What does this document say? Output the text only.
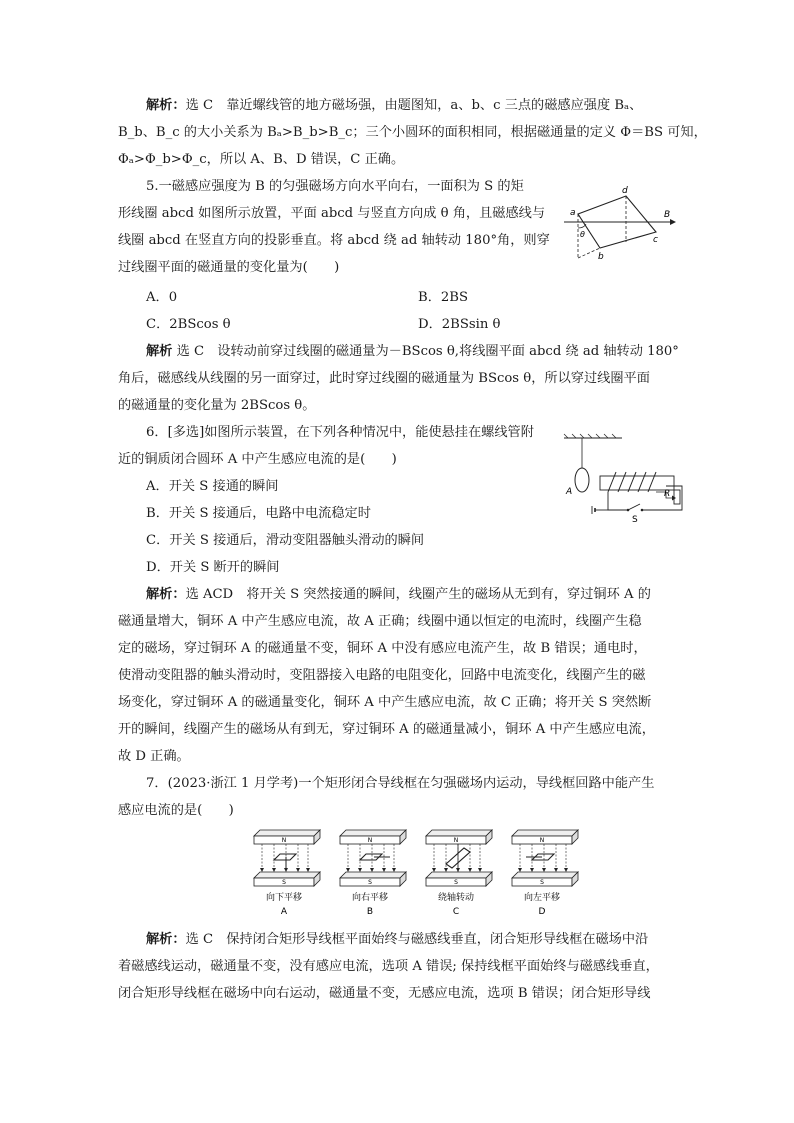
解析：选 C　靠近螺线管的地方磁场强，由题图知，a、b、c 三点的磁感应强度 Bₐ、
B_b、B_c 的大小关系为 Bₐ>B_b>B_c；三个小圆环的面积相同，根据磁通量的定义 Φ＝BS 可知，
Φₐ>Φ_b>Φ_c，所以 A、B、D 错误，C 正确。
5.一磁感应强度为 B 的匀强磁场方向水平向右，一面积为 S 的矩
形线圈 abcd 如图所示放置，平面 abcd 与竖直方向成 θ 角，且磁感线与
线圈 abcd 在竖直方向的投影垂直。将 abcd 绕 ad 轴转动 180°角，则穿
过线圈平面的磁通量的变化量为(　　)
a
b
c
d
B
θ
A．0	B．2BS
C．2BScos θ	D．2BSsin θ
解析 选 C　设转动前穿过线圈的磁通量为－BScos θ,将线圈平面 abcd 绕 ad 轴转动 180°
角后，磁感线从线圈的另一面穿过，此时穿过线圈的磁通量为 BScos θ，所以穿过线圈平面
的磁通量的变化量为 2BScos θ。
6．[多选]如图所示装置，在下列各种情况中，能使悬挂在螺线管附
近的铜质闭合圆环 A 中产生感应电流的是(　　)
A	R
S
A．开关 S 接通的瞬间
B．开关 S 接通后，电路中电流稳定时
C．开关 S 接通后，滑动变阻器触头滑动的瞬间
D．开关 S 断开的瞬间
解析：选 ACD　将开关 S 突然接通的瞬间，线圈产生的磁场从无到有，穿过铜环 A 的
磁通量增大，铜环 A 中产生感应电流，故 A 正确；线圈中通以恒定的电流时，线圈产生稳
定的磁场，穿过铜环 A 的磁通量不变，铜环 A 中没有感应电流产生，故 B 错误；通电时，
使滑动变阻器的触头滑动时，变阻器接入电路的电阻变化，回路中电流变化，线圈产生的磁
场变化，穿过铜环 A 的磁通量变化，铜环 A 中产生感应电流，故 C 正确；将开关 S 突然断
开的瞬间，线圈产生的磁场从有到无，穿过铜环 A 的磁通量减小，铜环 A 中产生感应电流，
故 D 正确。
7．(2023·浙江 1 月学考)一个矩形闭合导线框在匀强磁场内运动，导线框回路中能产生
感应电流的是(　　)
N
S
向下平移
A
N
S
向右平移
B
N
S
绕轴转动
C
N
S
向左平移
D
解析：选 C　保持闭合矩形导线框平面始终与磁感线垂直，闭合矩形导线框在磁场中沿
着磁感线运动，磁通量不变，没有感应电流，选项 A 错误; 保持线框平面始终与磁感线垂直，
闭合矩形导线框在磁场中向右运动，磁通量不变，无感应电流，选项 B 错误；闭合矩形导线
